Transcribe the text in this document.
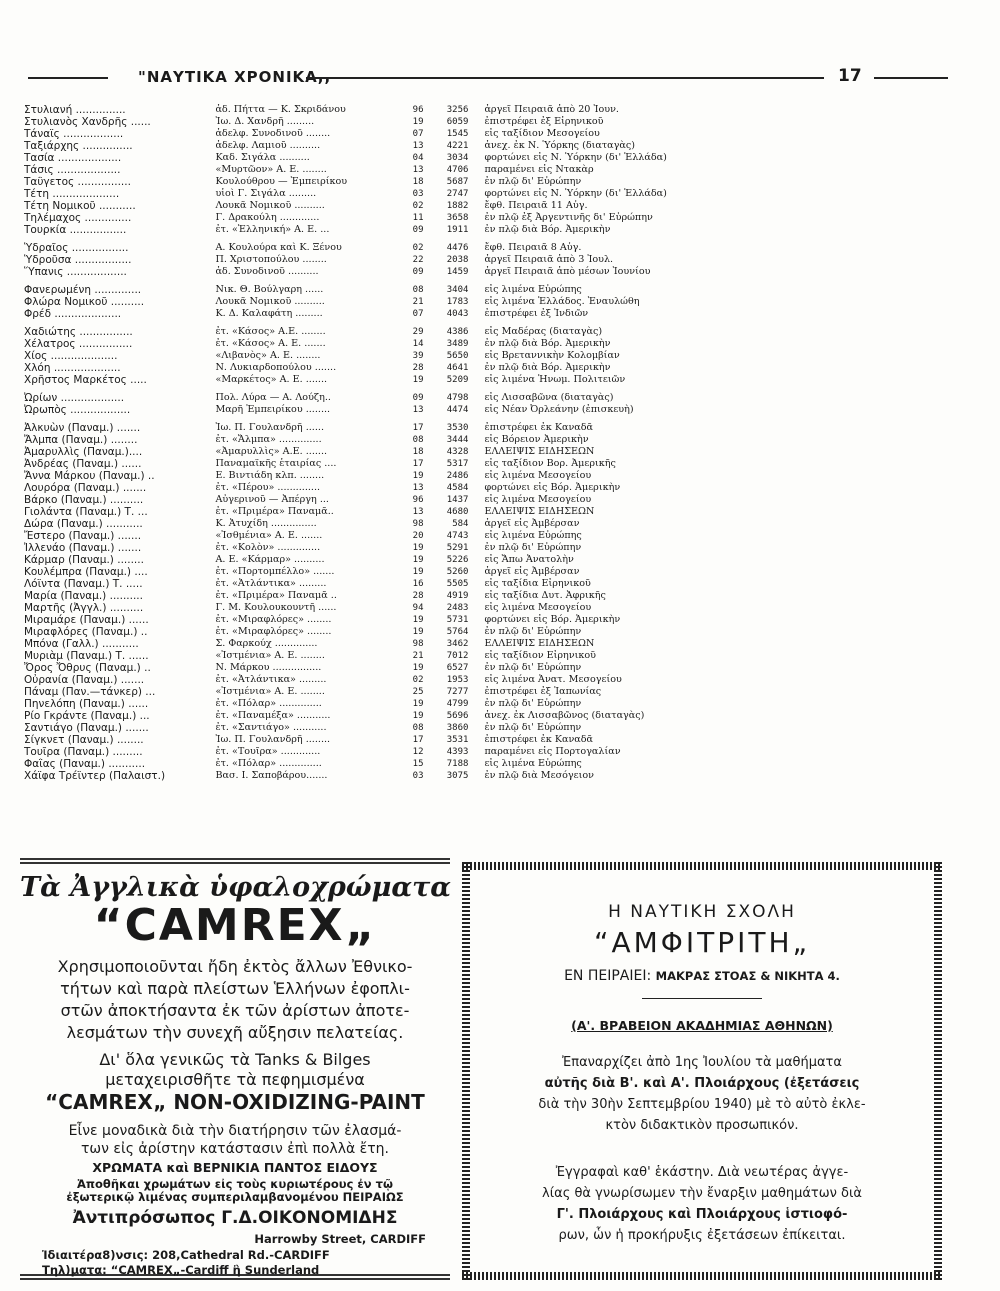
"ΝΑΥΤΙΚΑ ΧΡΟΝΙΚΑ,,	17
Στυλιανή ...............	ἀδ. Πήττα — Κ. Σκριδάνου	96	3256	ἀργεῖ Πειραιᾶ ἀπὸ 20 Ἰουν.
Στυλιανὸς Χανδρῆς ......	Ἰω. Δ. Χανδρῆ .........	19	6059	ἐπιστρέφει ἐξ Εἰρηνικοῦ
Τάναϊς ..................	ἀδελφ. Συνοδινοῦ ........	07	1545	εἰς ταξίδιον Μεσογείου
Ταξιάρχης ...............	ἀδελφ. Λαμιοῦ ..........	13	4221	ἀνεχ. ἐκ Ν. Ὑόρκης (διαταγὰς)
Τασία ...................	Καδ. Σιγάλα ..........	04	3034	φορτώνει εἰς Ν. Ὑόρκην (δι' Ἑλλάδα)
Τάσις ...................	«Μυρτῶον» Α. Ε. ........	13	4706	παραμένει εἰς Ντακὰρ
Ταΰγετος ................	Κουλούθρου — Ἐμπειρίκου	18	5687	ἐν πλῷ δι' Εὐρώπην
Τέτη ....................	υἱοὶ Γ. Σιγάλα .........	03	2747	φορτώνει εἰς Ν. Ὑόρκην (δι' Ἑλλάδα)
Τέτη Νομικοῦ ...........	Λουκᾶ Νομικοῦ ..........	02	1882	ἔφθ. Πειραιᾶ 11 Αὐγ.
Τηλέμαχος ..............	Γ. Δρακούλη .............	11	3658	ἐν πλῷ ἐξ Ἀργεντινῆς δι' Εὐρώπην
Τουρκία .................	ἐτ. «Ἑλληνική» Α. Ε. ...	09	1911	ἐν πλῷ διὰ Βόρ. Ἀμερικὴν
Ὑδραῖος .................	Α. Κουλούρα καὶ Κ. Ξένου	02	4476	ἔφθ. Πειραιᾶ 8 Αὐγ.
Ὑδροῦσα .................	Π. Χριστοπούλου ........	22	2038	ἀργεῖ Πειραιᾶ ἀπὸ 3 Ἰουλ.
Ὕπανις ..................	ἀδ. Συνοδινοῦ ..........	09	1459	ἀργεῖ Πειραιᾶ ἀπὸ μέσων Ἰουνίου
Φανερωμένη ..............	Νικ. Θ. Βούλγαρη ......	08	3404	εἰς λιμένα Εὐρώπης
Φλώρα Νομικοῦ ..........	Λουκᾶ Νομικοῦ ..........	21	1783	εἰς λιμένα Ἑλλάδος. Ἐναυλώθη
Φρέδ ....................	Κ. Δ. Καλαφάτη .........	07	4043	ἐπιστρέφει ἐξ Ἰνδιῶν
Χαδιώτης ................	ἐτ. «Κάσος» Α.Ε. ........	29	4386	εἰς Μαδέρας (διαταγὰς)
Χέλατρος ................	ἐτ. «Κάσος» Α. Ε. .......	14	3489	ἐν πλῷ διὰ Βόρ. Ἀμερικὴν
Χίος ....................	«Λιβανὸς» Α. Ε. ........	39	5650	εἰς Βρεταννικὴν Κολομβίαν
Χλόη ....................	Ν. Λυκιαρδοπούλου .......	28	4641	ἐν πλῷ διὰ Βόρ. Ἀμερικὴν
Χρῆστος Μαρκέτος .....	«Μαρκέτος» Α. Ε. .......	19	5209	εἰς λιμένα Ἡνωμ. Πολιτειῶν
Ὠρίων ...................	Πολ. Λύρα — Α. Λούζη..	09	4798	εἰς Λισσαβῶνα (διαταγὰς)
Ὠρωπὸς ..................	Μαρῆ Ἐμπειρίκου ........	13	4474	εἰς Νέαν Ὀρλεάνην (ἐπισκευὴ)
Ἀλκυὼν (Παναμ.) .......	Ἰω. Π. Γουλανδρῆ ......	17	3530	ἐπιστρέφει ἐκ Καναδᾶ
Ἄλμπα (Παναμ.) ........	ἐτ. «Ἄλμπα» ..............	08	3444	εἰς Βόρειον Ἀμερικὴν
Ἀμαρυλλὶς (Παναμ.)....	«Ἀμαρυλλὶς» Α.Ε. .......	18	4328	ΕΛΛΕΙΨΙΣ ΕΙΔΗΣΕΩΝ
Ἀνδρέας (Παναμ.) ......	Παναμαϊκῆς ἑταιρίας ....	17	5317	εἰς ταξίδιον Βορ. Ἀμερικῆς
Ἄννα Μάρκου (Παναμ.) ..	Ε. Βιντιάδη κλπ. ........	19	2486	εἰς λιμένα Μεσογείου
Λουρόρα (Παναμ.) .......	ἐτ. «Πέρου» ..............	13	4584	φορτώνει εἰς Βόρ. Ἀμερικὴν
Βάρκο (Παναμ.) ..........	Αὐγερινοῦ — Ἀπέργη ...	96	1437	εἰς λιμένα Μεσογείου
Γιολάντα (Παναμ.) Τ. ...	ἐτ. «Πριμέρα» Παναμᾶ..	13	4680	ΕΛΛΕΙΨΙΣ ΕΙΔΗΣΕΩΝ
Δώρα (Παναμ.) ...........	Κ. Ἀτυχίδη ...............	98	584	ἀργεῖ εἰς Ἀμβέρσαν
Ἔστερο (Παναμ.) .......	«Ἰσθμένια» Α. Ε. .......	20	4743	εἰς λιμένα Εὐρώπης
Ἰλλενάο (Παναμ.) .......	ἐτ. «Κολὸν» ..............	19	5291	ἐν πλῷ δι' Εὐρώπην
Κάρμαρ (Παναμ.) ........	Α. Ε. «Κάρμαρ» ..........	19	5226	εἰς Ἄπω Ἀνατολὴν
Κουλέμπρα (Παναμ.) ....	ἐτ. «Πορτομπέλλο» .......	19	5260	ἀργεῖ εἰς Ἀμβέρσαν
Λόϊντα (Παναμ.) Τ. .....	ἐτ. «Ἀτλάντικα» .........	16	5505	εἰς ταξίδια Εἰρηνικοῦ
Μαρία (Παναμ.) ..........	ἐτ. «Πριμέρα» Παναμᾶ ..	28	4919	εἰς ταξίδια Δυτ. Ἀφρικῆς
Μαρτῆς (Ἀγγλ.) ..........	Γ. Μ. Κουλουκουντῆ ......	94	2483	εἰς λιμένα Μεσογείου
Μιραμάρε (Παναμ.) ......	ἐτ. «Μιραφλόρες» ........	19	5731	φορτώνει εἰς Βόρ. Ἀμερικὴν
Μιραφλόρες (Παναμ.) ..	ἐτ. «Μιραφλόρες» ........	19	5764	ἐν πλῷ δι' Εὐρώπην
Μπόνα (Γαλλ.) ...........	Σ. Φαρκούχ ..............	98	3462	ΕΛΛΕΙΨΙΣ ΕΙΔΗΣΕΩΝ
Μυριὰμ (Παναμ.) Τ. ......	«Ἰστμένια» Α. Ε. ........	21	7012	εἰς ταξίδιον Εἰρηνικοῦ
Ὄρος Ὄθρυς (Παναμ.) ..	Ν. Μάρκου ................	19	6527	ἐν πλῷ δι' Εὐρώπην
Οὐρανία (Παναμ.) .......	ἐτ. «Ἀτλάντικα» .........	02	1953	εἰς λιμένα Ἀνατ. Μεσογείου
Πάναμ (Παν.—τάνκερ) ...	«Ἰστμένια» Α. Ε. ........	25	7277	ἐπιστρέφει ἐξ Ἰαπωνίας
Πηνελόπη (Παναμ.) ......	ἐτ. «Πόλαρ» ..............	19	4799	ἐν πλῷ δι' Εὐρώπην
Ρίο Γκράντε (Παναμ.) ...	ἐτ. «Παναμέξα» ...........	19	5696	ἀνεχ. ἐκ Λισσαβῶνος (διαταγὰς)
Σαντιάγο (Παναμ.) .......	ἐτ. «Σαντιάγο» ...........	08	3860	ἐν πλῷ δι' Εὐρώπην
Σίγκνετ (Παναμ.) ........	Ἰω. Π. Γουλανδρῆ ........	17	3531	ἐπιστρέφει ἐκ Καναδᾶ
Τουῖρα (Παναμ.) .........	ἐτ. «Τουῖρα» .............	12	4393	παραμένει εἰς Πορτογαλίαν
Φαΐας (Παναμ.) ...........	ἐτ. «Πόλαρ» ..............	15	7188	εἰς λιμένα Εὐρώπης
Χάϊφα Τρέϊντερ (Παλαιστ.)	Βασ. Ι. Σαποβάρου.......	03	3075	ἐν πλῷ διὰ Μεσόγειον
Τὰ Ἀγγλικὰ ὑφαλοχρώματα
“CAMREX„
Χρησιμοποιοῦνται ἤδη ἐκτὸς ἄλλων Ἐθνικο-
τήτων καὶ παρὰ πλείστων Ἑλλήνων ἐφοπλι-
στῶν ἀποκτήσαντα ἐκ τῶν ἀρίστων ἀποτε-
λεσμάτων τὴν συνεχῆ αὔξησιν πελατείας.
Δι' ὅλα γενικῶς τὰ Tanks & Bilges
μεταχειρισθῆτε τὰ πεφημισμένα
“CAMREX„ NON-OXIDIZING-PAINT
Εἶνε μοναδικὰ διὰ τὴν διατήρησιν τῶν ἐλασμά-
των εἰς ἀρίστην κατάστασιν ἐπὶ πολλὰ ἔτη.
ΧΡΩΜΑΤΑ καὶ ΒΕΡΝΙΚΙΑ ΠΑΝΤΟΣ ΕΙΔΟΥΣ
Ἀποθῆκαι χρωμάτων εἰς τοὺς κυριωτέρους ἐν τῷ
ἐξωτερικῷ λιμένας συμπεριλαμβανομένου ΠΕΙΡΑΙΩΣ
Ἀντιπρόσωπος Γ.Δ.ΟΙΚΟΝΟΜΙΔΗΣ
Harrowby Street, CARDIFF
Ἰδιαιτέρα8)νσις: 208,Cathedral Rd.-CARDIFF
Τηλ)ματα: “CAMREX„-Cardiff ἢ Sunderland
Η ΝΑΥΤΙΚΗ ΣΧΟΛΗ
“ΑΜΦΙΤΡΙΤΗ„
ΕΝ ΠΕΙΡΑΙΕΙ: ΜΑΚΡΑΣ ΣΤΟΑΣ & ΝΙΚΗΤΑ 4.
(Α'. ΒΡΑΒΕΙΟΝ ΑΚΑΔΗΜΙΑΣ ΑΘΗΝΩΝ)
Ἐπαναρχίζει ἀπὸ 1ης Ἰουλίου τὰ μαθήματα
αὐτῆς διὰ Β'. καὶ Α'. Πλοιάρχους (ἐξετάσεις
διὰ τὴν 30ὴν Σεπτεμβρίου 1940) μὲ τὸ αὐτὸ ἐκλε-
κτὸν διδακτικὸν προσωπικόν.
Ἐγγραφαὶ καθ' ἑκάστην. Διὰ νεωτέρας ἀγγε-
λίας θὰ γνωρίσωμεν τὴν ἔναρξιν μαθημάτων διὰ
Γ'. Πλοιάρχους καὶ Πλοιάρχους ἱστιοφό-
ρων, ὧν ἡ προκήρυξις ἐξετάσεων ἐπίκειται.
